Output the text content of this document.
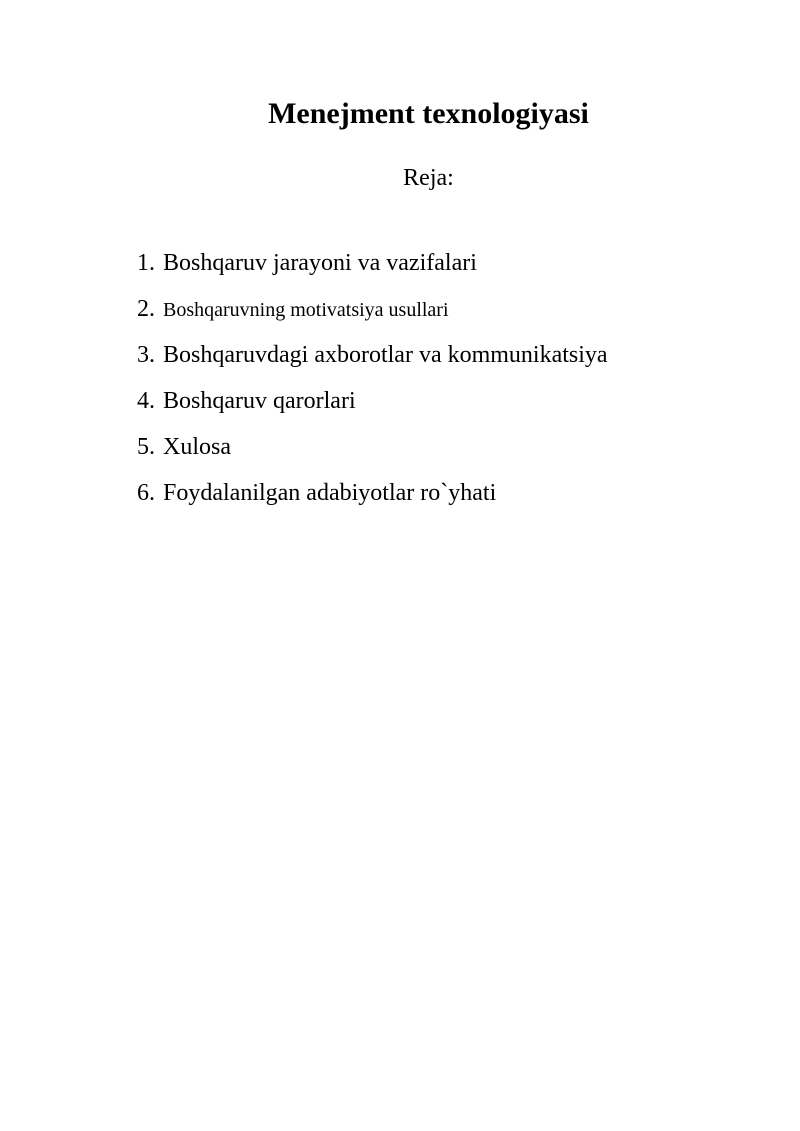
Menejment texnologiyasi
Reja:
1. Boshqaruv jarayoni va vazifalari
2. Boshqaruvning motivatsiya usullari
3. Boshqaruvdagi axborotlar va kommunikatsiya
4. Boshqaruv qarorlari
5. Xulosa
6. Foydalanilgan adabiyotlar ro`yhati
